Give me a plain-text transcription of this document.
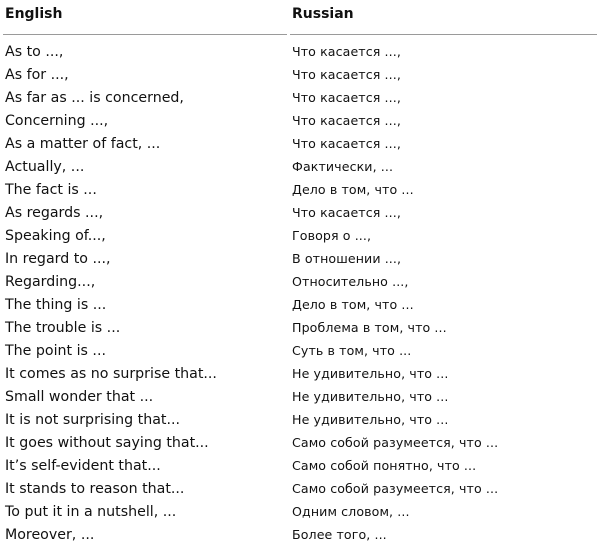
English	Russian
As to ...,	Что касается ...,
As for ...,	Что касается ...,
As far as ... is concerned,	Что касается ...,
Concerning ...,	Что касается ...,
As a matter of fact, ...	Что касается ...,
Actually, ...	Фактически, ...
The fact is ...	Дело в том, что ...
As regards ...,	Что касается ...,
Speaking of...,	Говоря о ...,
In regard to ...,	В отношении ...,
Regarding...,	Относительно ...,
The thing is ...	Дело в том, что ...
The trouble is ...	Проблема в том, что ...
The point is ...	Суть в том, что ...
It comes as no surprise that...	Не удивительно, что ...
Small wonder that ...	Не удивительно, что ...
It is not surprising that...	Не удивительно, что ...
It goes without saying that...	Само собой разумеется, что ...
It’s self-evident that...	Само собой понятно, что ...
It stands to reason that...	Само собой разумеется, что ...
To put it in a nutshell, ...	Одним словом, ...
Moreover, ...	Более того, ...
